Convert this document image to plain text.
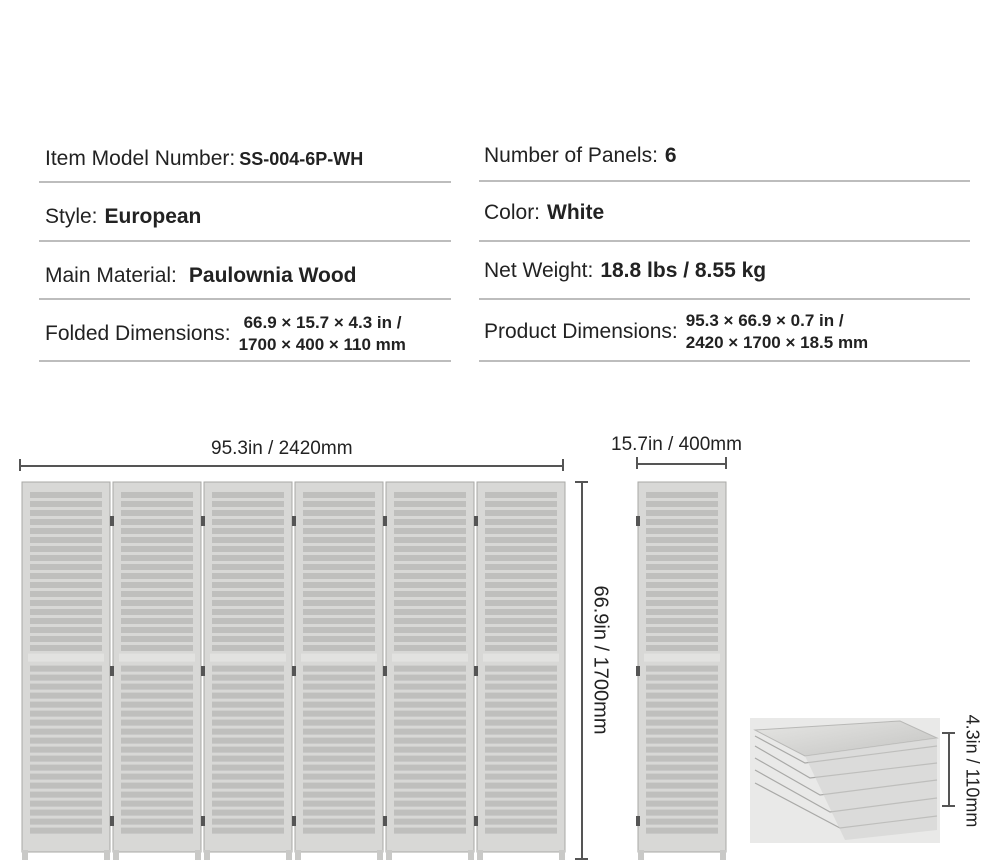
Item Model Number: SS-004-6P-WH
Style: European
Main Material: Paulownia Wood
Folded Dimensions: 66.9 × 15.7 × 4.3 in /
1700 × 400 × 110 mm
Number of Panels: 6
Color: White
Net Weight: 18.8 lbs / 8.55 kg
Product Dimensions: 95.3 × 66.9 × 0.7 in /
2420 × 1700 × 18.5 mm
95.3in / 2420mm
66.9in / 1700mm
15.7in / 400mm
4.3in / 110mm
